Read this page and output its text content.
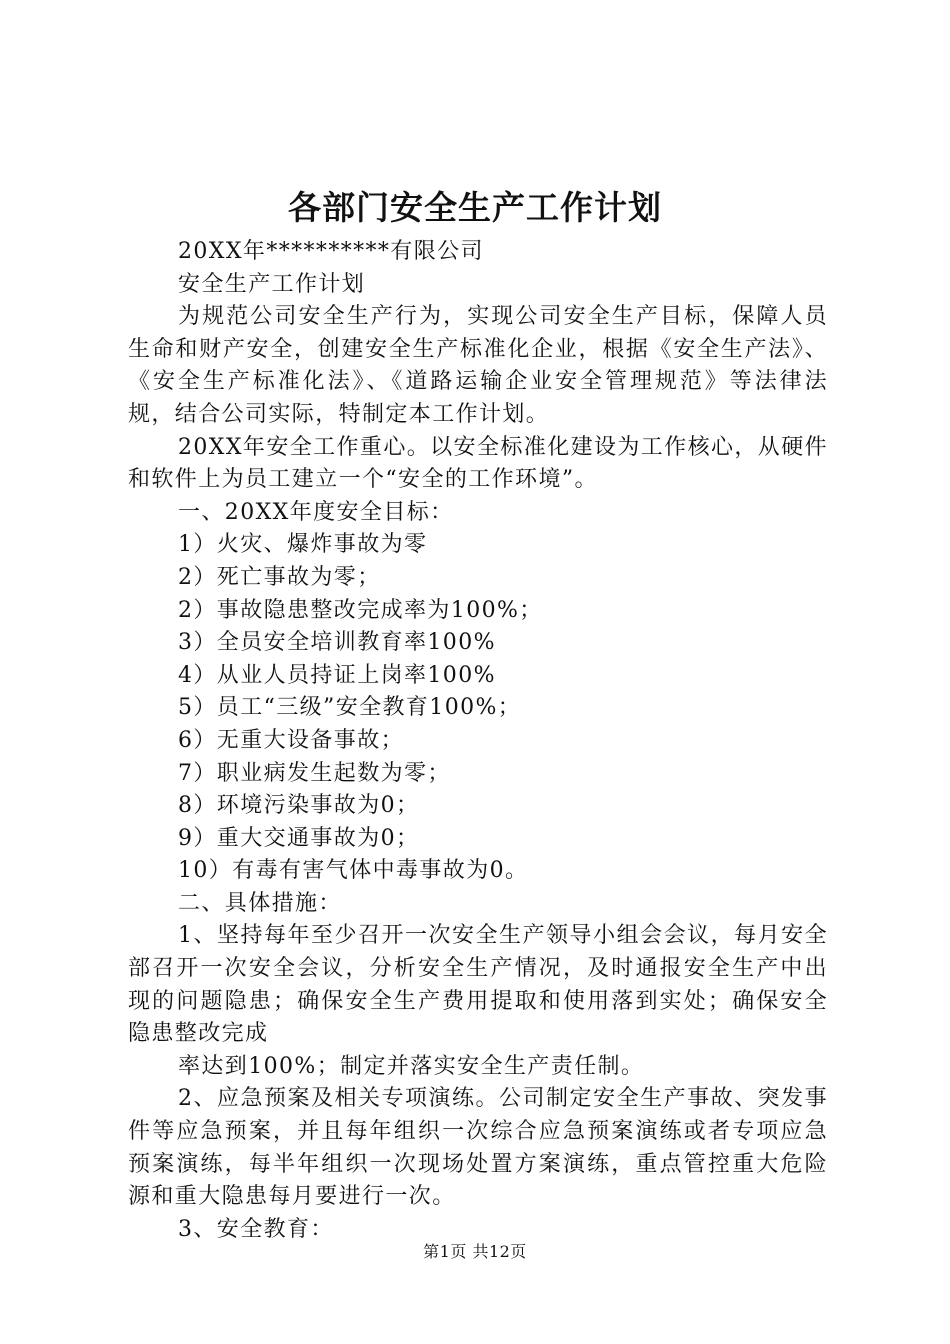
各部门安全生产工作计划

20XX年**********有限公司

安全生产工作计划

为规范公司安全生产行为，实现公司安全生产目标，保障人员生命和财产安全，创建安全生产标准化企业，根据《安全生产法》、《安全生产标准化法》、《道路运输企业安全管理规范》等法律法规，结合公司实际，特制定本工作计划。

20XX年安全工作重心。以安全标准化建设为工作核心，从硬件和软件上为员工建立一个“安全的工作环境”。

一、20XX年度安全目标：

1）火灾、爆炸事故为零

2）死亡事故为零；

2）事故隐患整改完成率为100%；

3）全员安全培训教育率100%

4）从业人员持证上岗率100%

5）员工“三级”安全教育100%；

6）无重大设备事故；

7）职业病发生起数为零；

8）环境污染事故为0；

9）重大交通事故为0；

10）有毒有害气体中毒事故为0。

二、具体措施：

1、坚持每年至少召开一次安全生产领导小组会会议，每月安全部召开一次安全会议，分析安全生产情况，及时通报安全生产中出现的问题隐患；确保安全生产费用提取和使用落到实处；确保安全隐患整改完成

率达到100%；制定并落实安全生产责任制。

2、应急预案及相关专项演练。公司制定安全生产事故、突发事件等应急预案，并且每年组织一次综合应急预案演练或者专项应急预案演练，每半年组织一次现场处置方案演练，重点管控重大危险源和重大隐患每月要进行一次。

3、安全教育：

第1页 共12页
